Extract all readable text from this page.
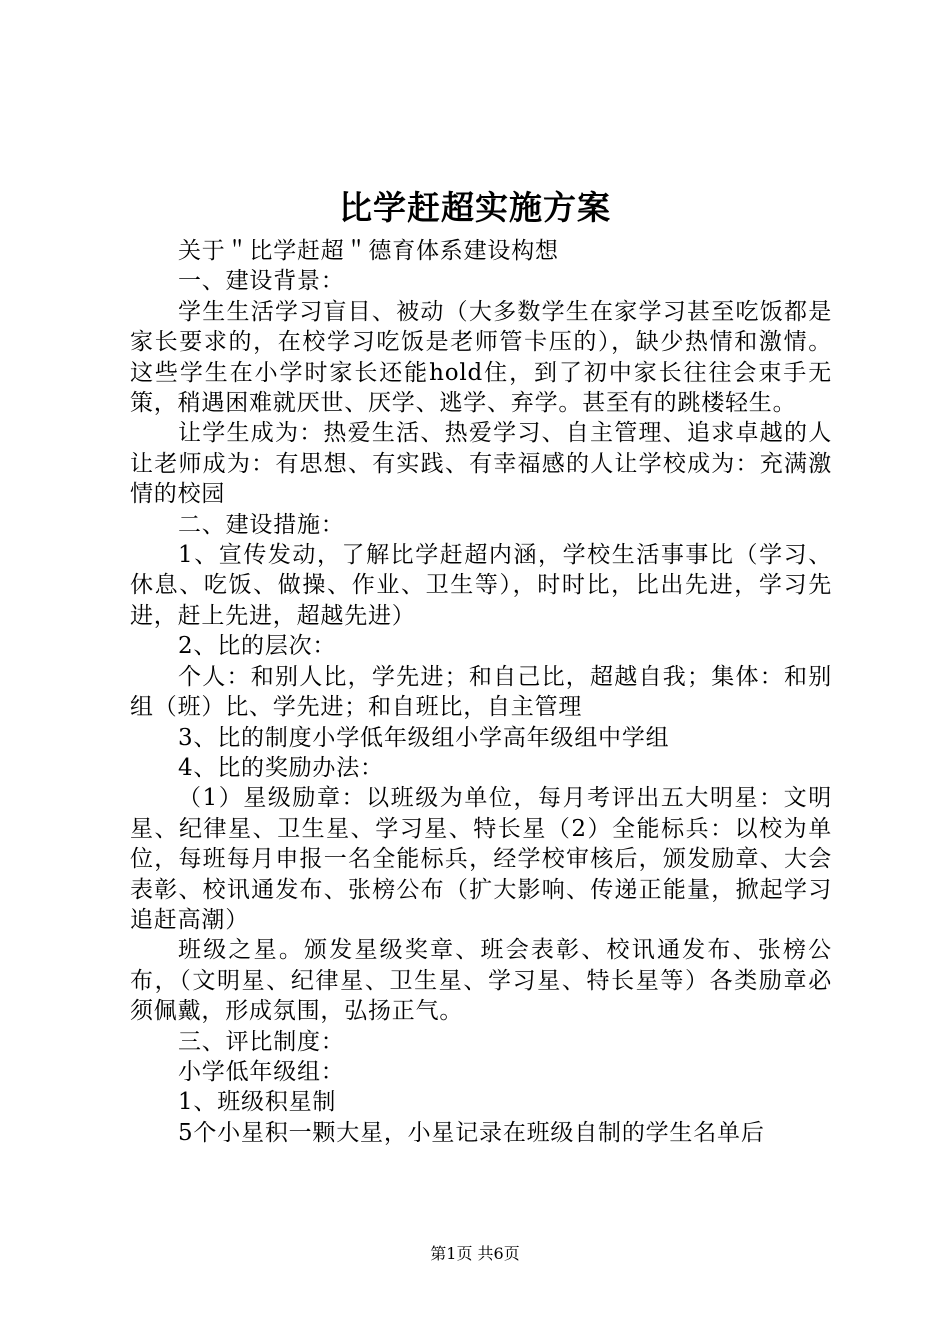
比学赶超实施方案

关于＂比学赶超＂德育体系建设构想

一、建设背景：

学生生活学习盲目、被动（大多数学生在家学习甚至吃饭都是家长要求的，在校学习吃饭是老师管卡压的），缺少热情和激情。这些学生在小学时家长还能hold住，到了初中家长往往会束手无策，稍遇困难就厌世、厌学、逃学、弃学。甚至有的跳楼轻生。

让学生成为：热爱生活、热爱学习、自主管理、追求卓越的人让老师成为：有思想、有实践、有幸福感的人让学校成为：充满激情的校园

二、建设措施：

1、宣传发动，了解比学赶超内涵，学校生活事事比（学习、休息、吃饭、做操、作业、卫生等），时时比，比出先进，学习先进，赶上先进，超越先进）

2、比的层次：

个人：和别人比，学先进；和自己比，超越自我；集体：和别组（班）比、学先进；和自班比，自主管理

3、比的制度小学低年级组小学高年级组中学组

4、比的奖励办法：

（1）星级励章：以班级为单位，每月考评出五大明星：文明星、纪律星、卫生星、学习星、特长星（2）全能标兵：以校为单位，每班每月申报一名全能标兵，经学校审核后，颁发励章、大会表彰、校讯通发布、张榜公布（扩大影响、传递正能量，掀起学习追赶高潮）

班级之星。颁发星级奖章、班会表彰、校讯通发布、张榜公布，（文明星、纪律星、卫生星、学习星、特长星等）各类励章必须佩戴，形成氛围，弘扬正气。

三、评比制度：

小学低年级组：

1、班级积星制

5个小星积一颗大星，小星记录在班级自制的学生名单后

第1页 共6页
